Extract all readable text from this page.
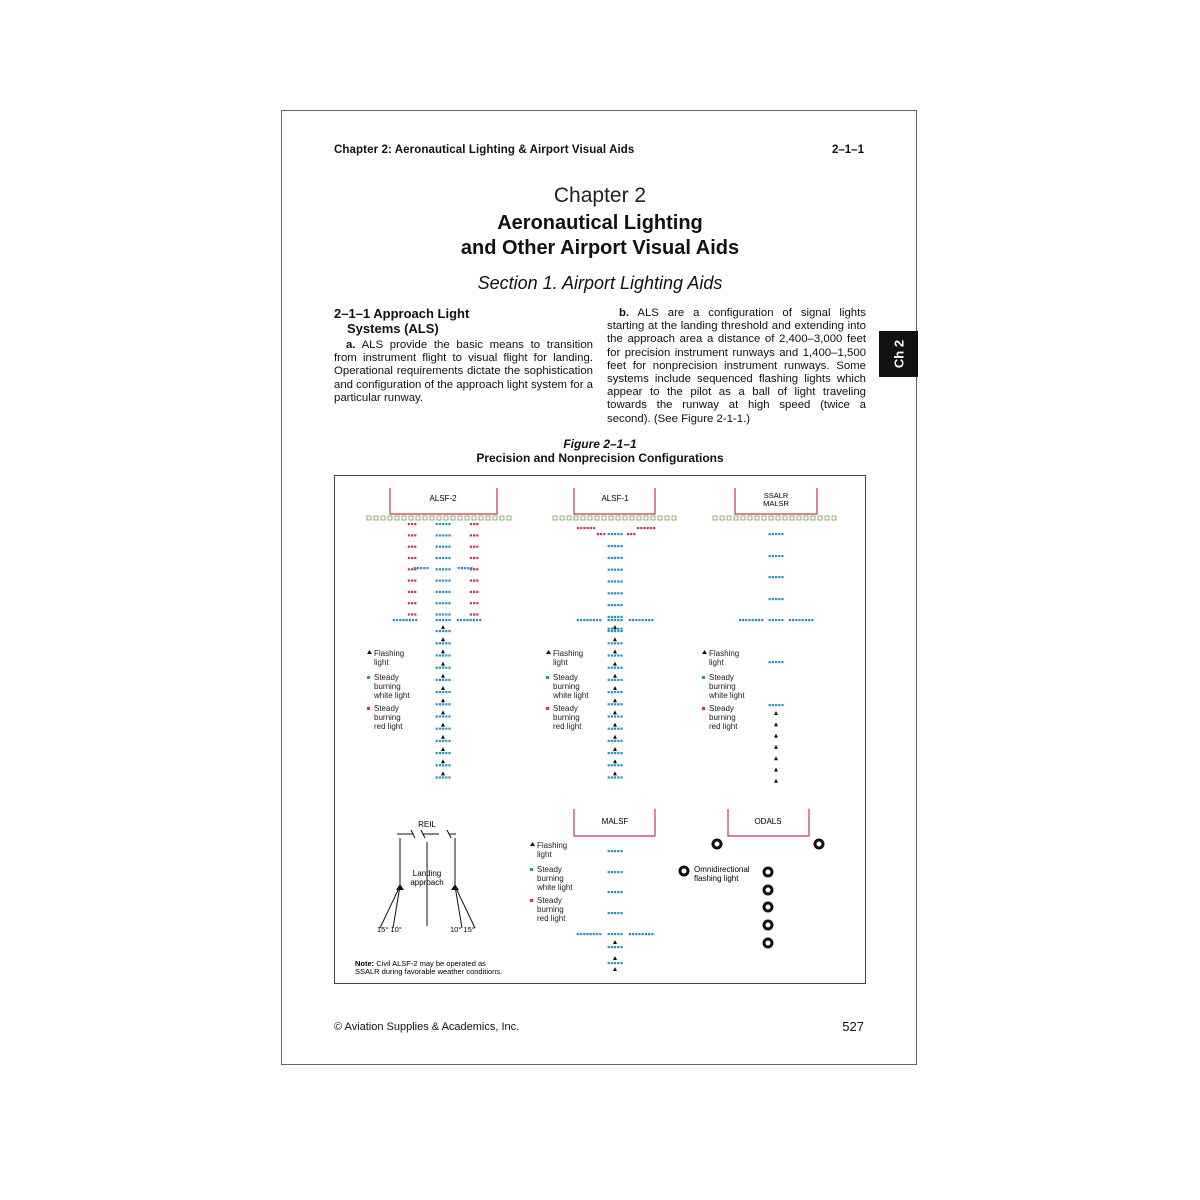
Chapter 2: Aeronautical Lighting & Airport Visual Aids	2–1–1
Chapter 2
Aeronautical Lighting
and Other Airport Visual Aids
Section 1. Airport Lighting Aids
2–1–1 Approach Light
Systems (ALS)
a. ALS provide the basic means to transition from instrument flight to visual flight for landing. Operational requirements dictate the sophistication and configuration of the approach light system for a particular runway.
b. ALS are a configuration of signal lights starting at the landing threshold and extending into the approach area a distance of 2,400–3,000 feet for precision instrument runways and 1,400–1,500 feet for nonprecision instrument runways. Some systems include sequenced flashing lights which appear to the pilot as a ball of light traveling towards the runway at high speed (twice a second). (See Figure 2-1-1.)
Figure 2–1–1
Precision and Nonprecision Configurations
ALSF-2	ALSF-1	SSALR
MALSR
MALSF	ODALS
Flashing
light
Steady
burning
white light
Steady
burning
red light
Flashing
light
Steady
burning
white light
Steady
burning
red light
Flashing
light
Steady
burning
white light
Steady
burning
red light
Flashing
light
Steady
burning
white light
Steady
burning
red light
Omnidirectional
flashing light
REIL
Landing
approach
15° 10°	10° 15°
Note: Civil ALSF-2 may be operated as
SSALR during favorable weather conditions.
© Aviation Supplies & Academics, Inc.	527
Ch 2
